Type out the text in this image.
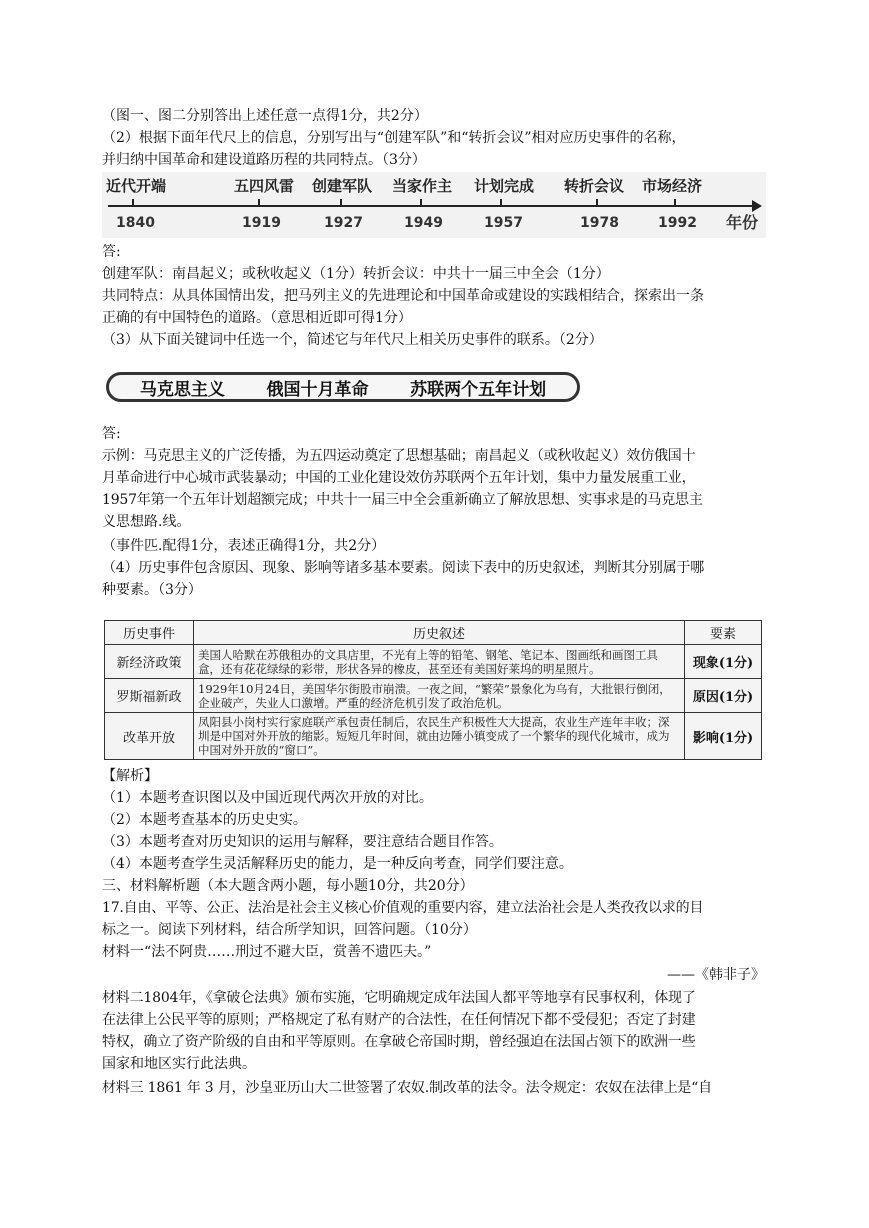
（图一、图二分别答出上述任意一点得1分，共2分）
（2）根据下面年代尺上的信息，分别写出与“创建军队”和“转折会议”相对应历史事件的名称，
并归纳中国革命和建设道路历程的共同特点。（3分）
近代开端	五四风雷 创建军队 当家作主 计划完成 转折会议 市场经济
1840	1919	1927	1949	1957	1978	1992 年份
答:
创建军队：南昌起义；或秋收起义（1分）转折会议：中共十一届三中全会（1分）
共同特点：从具体国情出发，把马列主义的先进理论和中国革命或建设的实践相结合，探索出一条
正确的有中国特色的道路。（意思相近即可得1分）
（3）从下面关键词中任选一个，简述它与年代尺上相关历史事件的联系。（2分）
马克思主义 俄国十月革命 苏联两个五年计划
答:
示例：马克思主义的广泛传播，为五四运动奠定了思想基础；南昌起义（或秋收起义）效仿俄国十
月革命进行中心城市武装暴动；中国的工业化建设效仿苏联两个五年计划，集中力量发展重工业，
1957年第一个五年计划超额完成；中共十一届三中全会重新确立了解放思想、实事求是的马克思主
义思想路.线。
（事件匹.配得1分，表述正确得1分，共2分）
（4）历史事件包含原因、现象、影响等诸多基本要素。阅读下表中的历史叙述，判断其分别属于哪
种要素。（3分）
历史事件	历史叙述	要素
新经济政策	美国人哈默在苏俄租办的文具店里，不光有上等的铅笔、钢笔、笔记本、图画纸和画图工具盒，还有花花绿绿的彩带，形状各异的橡皮，甚至还有美国好莱坞的明星照片。	现象(1分)
罗斯福新政	1929年10月24日，美国华尔街股市崩溃。一夜之间，“繁荣”景象化为乌有，大批银行倒闭，企业破产，失业人口激增。严重的经济危机引发了政治危机。	原因(1分)
改革开放	凤阳县小岗村实行家庭联产承包责任制后，农民生产积极性大大提高，农业生产连年丰收；深圳是中国对外开放的缩影。短短几年时间，就由边陲小镇变成了一个繁华的现代化城市，成为中国对外开放的“窗口”。	影响(1分)
【解析】
（1）本题考查识图以及中国近现代两次开放的对比。
（2）本题考查基本的历史史实。
（3）本题考查对历史知识的运用与解释，要注意结合题目作答。
（4）本题考查学生灵活解释历史的能力，是一种反向考查，同学们要注意。
三、材料解析题（本大题含两小题，每小题10分，共20分）
17.自由、平等、公正、法治是社会主义核心价值观的重要内容，建立法治社会是人类孜孜以求的目
标之一。阅读下列材料，结合所学知识，回答问题。（10分）
材料一“法不阿贵……刑过不避大臣，赏善不遗匹夫。”
——《韩非子》
材料二1804年，《拿破仑法典》颁布实施，它明确规定成年法国人都平等地享有民事权利，体现了
在法律上公民平等的原则；严格规定了私有财产的合法性，在任何情况下都不受侵犯；否定了封建
特权，确立了资产阶级的自由和平等原则。在拿破仑帝国时期，曾经强迫在法国占领下的欧洲一些
国家和地区实行此法典。
材料三 1861 年 3 月，沙皇亚历山大二世签署了农奴.制改革的法令。法令规定：农奴在法律上是“自
